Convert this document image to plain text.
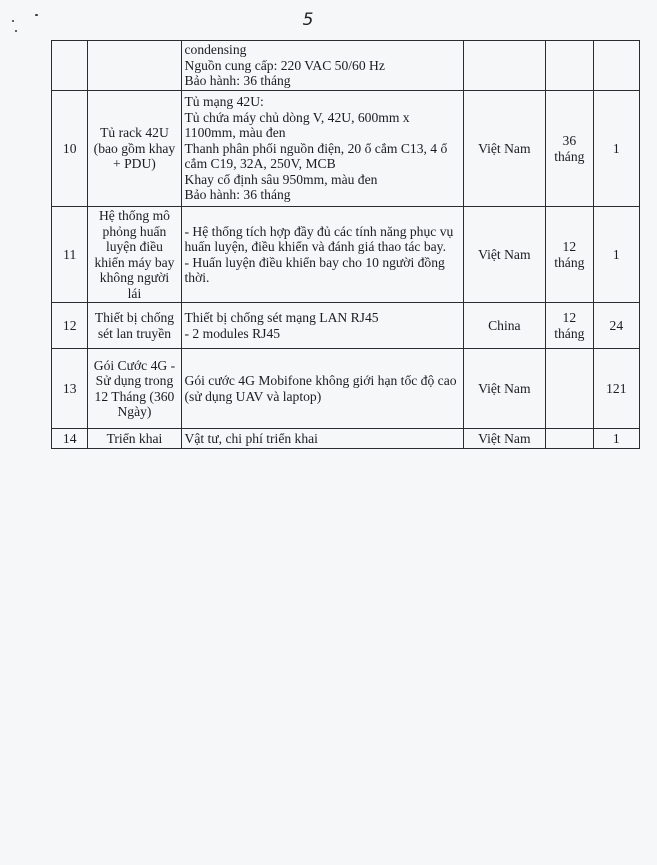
5

		condensing
Nguồn cung cấp: 220 VAC 50/60 Hz
Bảo hành: 36 tháng			

10	Tủ rack 42U (bao gồm khay + PDU)	Tủ mạng 42U:
Tủ chứa máy chủ dòng V, 42U, 600mm x 1100mm, màu đen
Thanh phân phối nguồn điện, 20 ổ cắm C13, 4 ổ cắm C19, 32A, 250V, MCB
Khay cố định sâu 950mm, màu đen
Bảo hành: 36 tháng	Việt Nam	36 tháng	1
11	Hệ thống mô phỏng huấn luyện điều khiển máy bay không người lái	- Hệ thống tích hợp đầy đủ các tính năng phục vụ huấn luyện, điều khiển và đánh giá thao tác bay.
- Huấn luyện điều khiển bay cho 10 người đồng thời.	Việt Nam	12 tháng	1
12	Thiết bị chống sét lan truyền	Thiết bị chống sét mạng LAN RJ45
- 2 modules RJ45	China	12 tháng	24
13	Gói Cước 4G - Sử dụng trong 12 Tháng (360 Ngày)	Gói cước 4G Mobifone không giới hạn tốc độ cao (sử dụng UAV và laptop)	Việt Nam		121
14	Triển khai	Vật tư, chi phí triển khai	Việt Nam		1
